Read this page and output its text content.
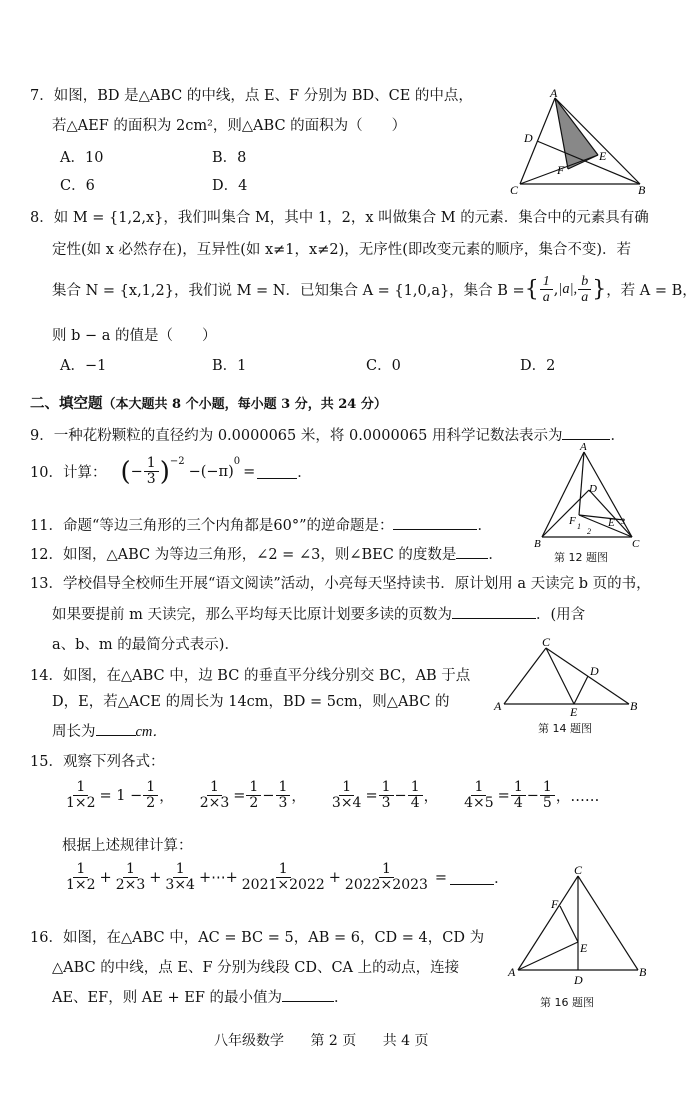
7．如图，BD 是△ABC 的中线，点 E、F 分别为 BD、CE 的中点，
若△AEF 的面积为 2cm²，则△ABC 的面积为（　　）
A．10	B．8
C．6	D．4
A
D
E
F
C	B
8．如 M = {1,2,x}，我们叫集合 M，其中 1，2，x 叫做集合 M 的元素．集合中的元素具有确
定性(如 x 必然存在)，互异性(如 x≠1，x≠2)，无序性(即改变元素的顺序，集合不变)．若
集合 N = {x,1,2}，我们说 M = N．已知集合 A = {1,0,a}，集合 B = { $\frac{1}{a}$ , |a|, $\frac{b}{a}$ } ，若 A = B，
则 b − a 的值是（　　）
A．−1	B．1	C．0	D．2
二、填空题（本大题共 8 个小题，每小题 3 分，共 24 分）
9．一种花粉颗粒的直径约为 0.0000065 米，将 0.0000065 用科学记数法表示为	．
10．计算： ( − $\frac{1}{3} )^{-2}$
−(−π)
$^0$
=	．
11．命题“等边三角形的三个内角都是60°”的逆命题是：	．
12．如图，△ABC 为等边三角形，∠2 = ∠3，则∠BEC 的度数是 ．
A
D
F	E
B	C
1
2
3
第 12 题图
13．学校倡导全校师生开展“语文阅读”活动，小亮每天坚持读书．原计划用 a 天读完 b 页的书，
如果要提前 m 天读完，那么平均每天比原计划要多读的页数为	．(用含
a、b、m 的最简分式表示)．
14．如图，在△ABC 中，边 BC 的垂直平分线分别交 BC，AB 于点
D，E，若△ACE 的周长为 14cm，BD = 5cm，则△ABC 的
周长为	cm．
C
D
A	E	B
第 14 题图
15．观察下列各式：
$\frac{1}{1\times 2} = 1 - \frac{1}{2}$ ， $\frac{1}{2\times 3} = \frac{1}{2} - \frac{1}{3}$ ， $\frac{1}{3\times 4} = \frac{1}{3} - \frac{1}{4}$ ， $\frac{1}{4\times 5} = \frac{1}{4} - \frac{1}{5}$ ，……
根据上述规律计算：
$\frac{1}{1\times 2} + \frac{1}{2\times 3} + \frac{1}{3\times 4}$ +⋯+ $\frac{1}{2021\times 2022} + \frac{1}{2022\times 2023}$ =	．
16．如图，在△ABC 中，AC = BC = 5，AB = 6，CD = 4，CD 为
△ABC 的中线，点 E、F 分别为线段 CD、CA 上的动点，连接
AE、EF，则 AE + EF 的最小值为	．
C
F
E
A
D
B
第 16 题图
八年级数学 第 2 页 共 4 页
